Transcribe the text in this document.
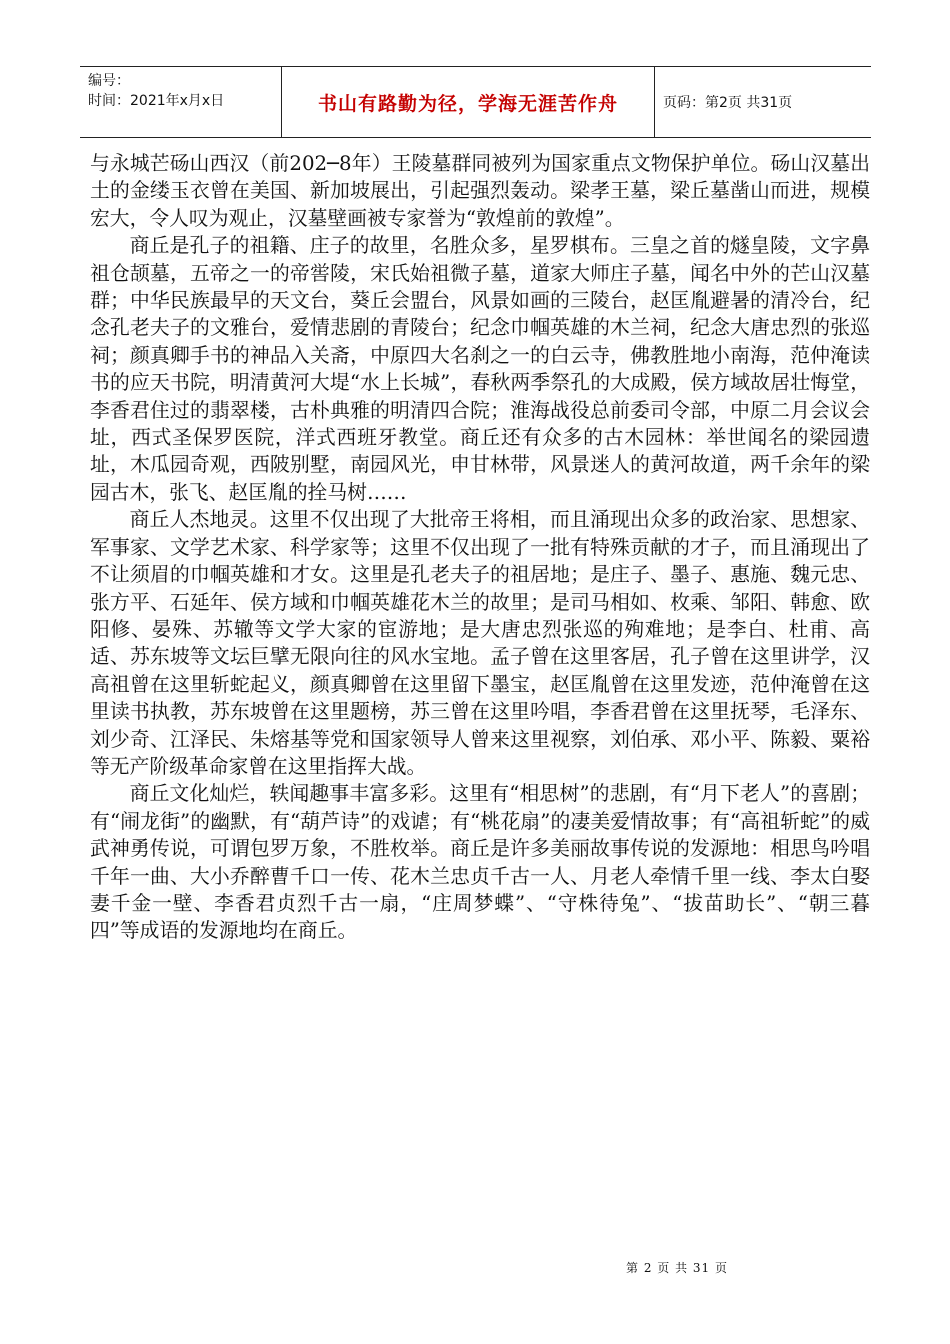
编号：
时间：2021年x月x日	书山有路勤为径，学海无涯苦作舟	页码：第2页 共31页

与永城芒砀山西汉（前202─8年）王陵墓群同被列为国家重点文物保护单位。砀山汉墓出土的金缕玉衣曾在美国、新加坡展出，引起强烈轰动。梁孝王墓，梁丘墓凿山而进，规模宏大，令人叹为观止，汉墓壁画被专家誉为“敦煌前的敦煌”。

商丘是孔子的祖籍、庄子的故里，名胜众多，星罗棋布。三皇之首的燧皇陵，文字鼻祖仓颉墓，五帝之一的帝喾陵，宋氏始祖微子墓，道家大师庄子墓，闻名中外的芒山汉墓群；中华民族最早的天文台，葵丘会盟台，风景如画的三陵台，赵匡胤避暑的清冷台，纪念孔老夫子的文雅台，爱情悲剧的青陵台；纪念巾帼英雄的木兰祠，纪念大唐忠烈的张巡祠；颜真卿手书的神品入关斋，中原四大名刹之一的白云寺，佛教胜地小南海，范仲淹读书的应天书院，明清黄河大堤“水上长城”，春秋两季祭孔的大成殿，侯方域故居壮悔堂，李香君住过的翡翠楼，古朴典雅的明清四合院；淮海战役总前委司令部，中原二月会议会址，西式圣保罗医院，洋式西班牙教堂。商丘还有众多的古木园林：举世闻名的梁园遗址，木瓜园奇观，西陂别墅，南园风光，申甘林带，风景迷人的黄河故道，两千余年的梁园古木，张飞、赵匡胤的拴马树……

商丘人杰地灵。这里不仅出现了大批帝王将相，而且涌现出众多的政治家、思想家、军事家、文学艺术家、科学家等；这里不仅出现了一批有特殊贡献的才子，而且涌现出了不让须眉的巾帼英雄和才女。这里是孔老夫子的祖居地；是庄子、墨子、惠施、魏元忠、张方平、石延年、侯方域和巾帼英雄花木兰的故里；是司马相如、枚乘、邹阳、韩愈、欧阳修、晏殊、苏辙等文学大家的宦游地；是大唐忠烈张巡的殉难地；是李白、杜甫、高适、苏东坡等文坛巨擘无限向往的风水宝地。孟子曾在这里客居，孔子曾在这里讲学，汉高祖曾在这里斩蛇起义，颜真卿曾在这里留下墨宝，赵匡胤曾在这里发迹，范仲淹曾在这里读书执教，苏东坡曾在这里题榜，苏三曾在这里吟唱，李香君曾在这里抚琴，毛泽东、刘少奇、江泽民、朱熔基等党和国家领导人曾来这里视察，刘伯承、邓小平、陈毅、粟裕等无产阶级革命家曾在这里指挥大战。

商丘文化灿烂，轶闻趣事丰富多彩。这里有“相思树”的悲剧，有“月下老人”的喜剧；有“闹龙街”的幽默，有“葫芦诗”的戏谑；有“桃花扇”的凄美爱情故事；有“高祖斩蛇”的威武神勇传说，可谓包罗万象，不胜枚举。商丘是许多美丽故事传说的发源地：相思鸟吟唱千年一曲、大小乔醉曹千口一传、花木兰忠贞千古一人、月老人牵情千里一线、李太白娶妻千金一壁、李香君贞烈千古一扇，“庄周梦蝶”、“守株待兔”、“拔苗助长”、“朝三暮四”等成语的发源地均在商丘。

第 2 页 共 31 页
